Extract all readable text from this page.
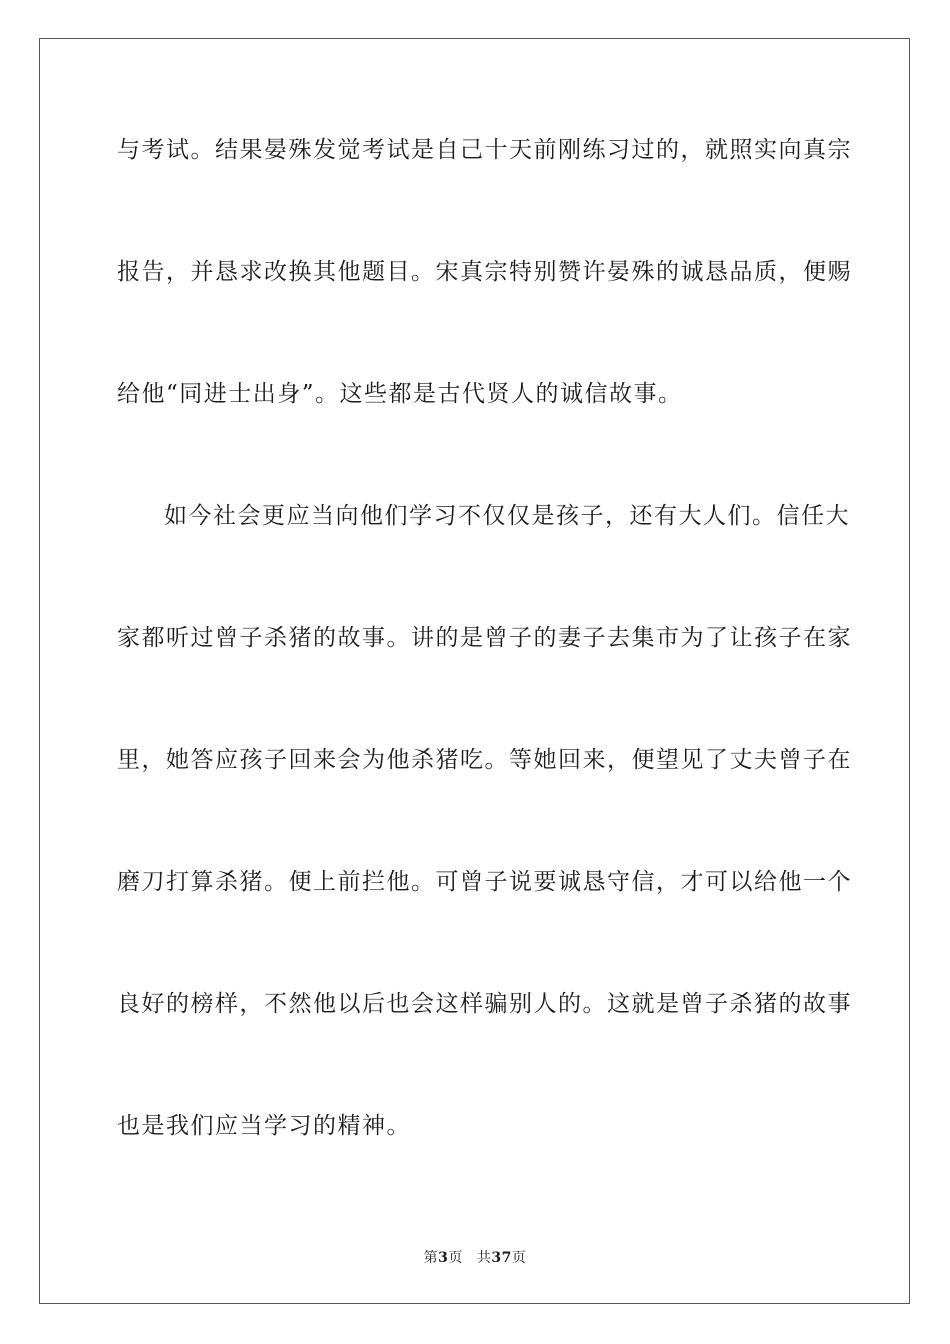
与考试。结果晏殊发觉考试是自己十天前刚练习过的，就照实向真宗
报告，并恳求改换其他题目。宋真宗特别赞许晏殊的诚恳品质，便赐
给他“同进士出身”。这些都是古代贤人的诚信故事。
如今社会更应当向他们学习不仅仅是孩子，还有大人们。信任大
家都听过曾子杀猪的故事。讲的是曾子的妻子去集市为了让孩子在家
里，她答应孩子回来会为他杀猪吃。等她回来，便望见了丈夫曾子在
磨刀打算杀猪。便上前拦他。可曾子说要诚恳守信，才可以给他一个
良好的榜样，不然他以后也会这样骗别人的。这就是曾子杀猪的故事
也是我们应当学习的精神。
第3页 共37页
